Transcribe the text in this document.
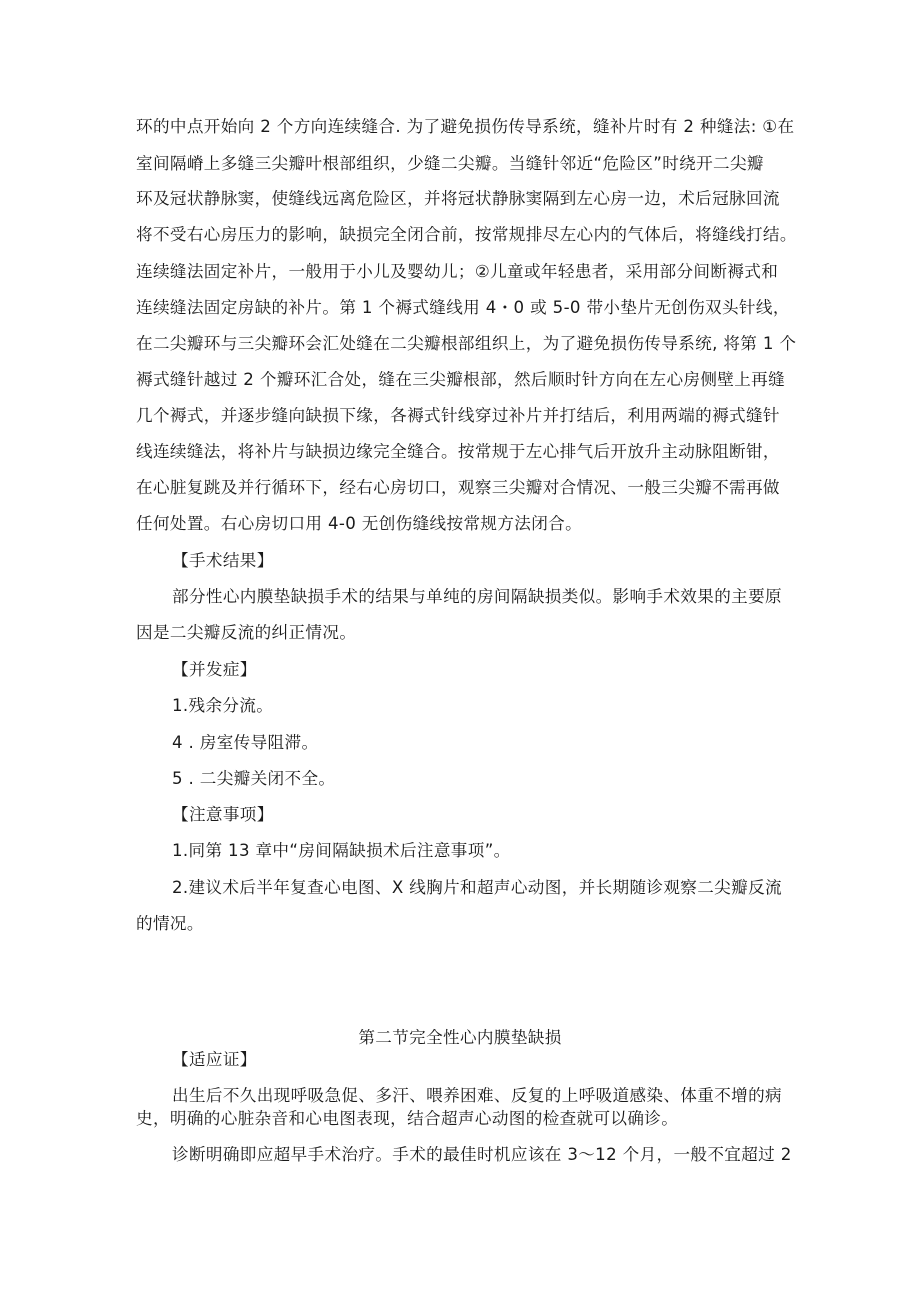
环的中点开始向 2 个方向连续缝合. 为了避免损伤传导系统，缝补片时有 2 种缝法: ①在
室间隔嵴上多缝三尖瓣叶根部组织，少缝二尖瓣。当缝针邻近“危险区”时绕开二尖瓣
环及冠状静脉窦，使缝线远离危险区，并将冠状静脉窦隔到左心房一边，术后冠脉回流
将不受右心房压力的影响，缺损完全闭合前，按常规排尽左心内的气体后，将缝线打结。
连续缝法固定补片，一般用于小儿及婴幼儿；②儿童或年轻患者，采用部分间断褥式和
连续缝法固定房缺的补片。第 1 个褥式缝线用 4・0 或 5-0 带小垫片无创伤双头针线，
在二尖瓣环与三尖瓣环会汇处缝在二尖瓣根部组织上，为了避免损伤传导系统, 将第 1 个
褥式缝针越过 2 个瓣环汇合处，缝在三尖瓣根部，然后顺时针方向在左心房侧壁上再缝
几个褥式，并逐步缝向缺损下缘，各褥式针线穿过补片并打结后，利用两端的褥式缝针
线连续缝法，将补片与缺损边缘完全缝合。按常规于左心排气后开放升主动脉阻断钳，
在心脏复跳及并行循环下，经右心房切口，观察三尖瓣对合情况、一般三尖瓣不需再做
任何处置。右心房切口用 4-0 无创伤缝线按常规方法闭合。
【手术结果】
部分性心内膜垫缺损手术的结果与单纯的房间隔缺损类似。影响手术效果的主要原
因是二尖瓣反流的纠正情况。
【并发症】
1.残余分流。
4 . 房室传导阻滞。
5 . 二尖瓣关闭不全。
【注意事项】
1.同第 13 章中“房间隔缺损术后注意事项”。
2.建议术后半年复查心电图、X 线胸片和超声心动图，并长期随诊观察二尖瓣反流
的情况。
第二节完全性心内膜垫缺损
【适应证】
出生后不久出现呼吸急促、多汗、喂养困难、反复的上呼吸道感染、体重不增的病
史，明确的心脏杂音和心电图表现，结合超声心动图的检查就可以确诊。
诊断明确即应超早手术治疗。手术的最佳时机应该在 3～12 个月，一般不宜超过 2
